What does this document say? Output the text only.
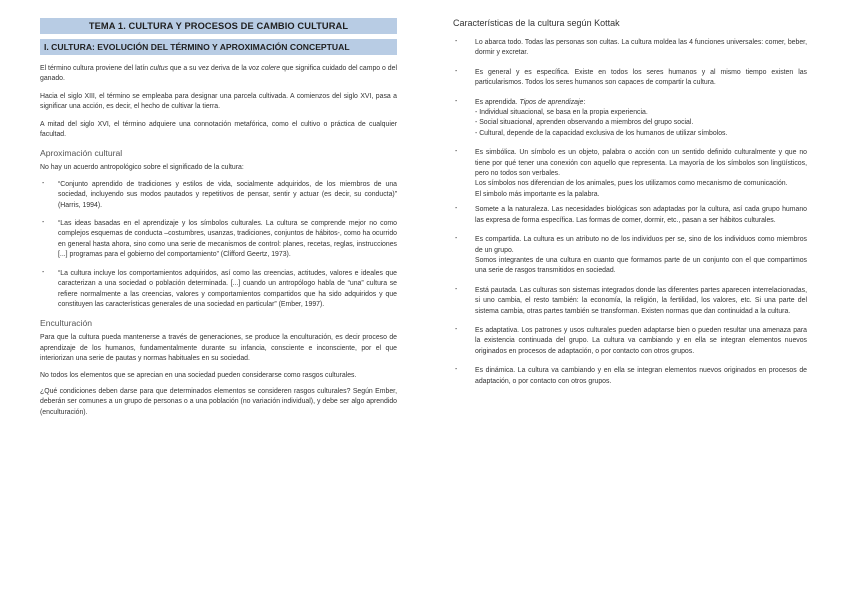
TEMA 1. CULTURA Y PROCESOS DE CAMBIO CULTURAL
I. CULTURA: EVOLUCIÓN DEL TÉRMINO Y APROXIMACIÓN CONCEPTUAL

El término cultura proviene del latín cultus que a su vez deriva de la voz colere que significa cuidado del campo o del ganado.

Hacia el siglo XIII, el término se empleaba para designar una parcela cultivada. A comienzos del siglo XVI, pasa a significar una acción, es decir, el hecho de cultivar la tierra.

A mitad del siglo XVI, el término adquiere una connotación metafórica, como el cultivo o práctica de cualquier facultad.

Aproximación cultural

No hay un acuerdo antropológico sobre el significado de la cultura:

- “Conjunto aprendido de tradiciones y estilos de vida, socialmente adquiridos, de los miembros de una sociedad, incluyendo sus modos pautados y repetitivos de pensar, sentir y actuar (es decir, su conducta)” (Harris, 1994).

- “Las ideas basadas en el aprendizaje y los símbolos culturales. La cultura se comprende mejor no como complejos esquemas de conducta –costumbres, usanzas, tradiciones, conjuntos de hábitos-, como ha ocurrido en general hasta ahora, sino como una serie de mecanismos de control: planes, recetas, reglas, instrucciones [...] programas para el gobierno del comportamiento” (Clifford Geertz, 1973).

- “La cultura incluye los comportamientos adquiridos, así como las creencias, actitudes, valores e ideales que caracterizan a una sociedad o población determinada. [...] cuando un antropólogo habla de “una” cultura se refiere normalmente a las creencias, valores y comportamientos compartidos que ha sido adquiridos y que constituyen las características generales de una sociedad en particular” (Ember, 1997).

Enculturación

Para que la cultura pueda mantenerse a través de generaciones, se produce la enculturación, es decir proceso de aprendizaje de los humanos, fundamentalmente durante su infancia, consciente e inconsciente, por el que interiorizan una serie de pautas y normas habituales en su sociedad.

No todos los elementos que se aprecian en una sociedad pueden considerarse como rasgos culturales.

¿Qué condiciones deben darse para que determinados elementos se consideren rasgos culturales? Según Ember, deberán ser comunes a un grupo de personas o a una población (no variación individual), y debe ser algo aprendido (enculturación).

Características de la cultura según Kottak

-	Lo abarca todo. Todas las personas son cultas. La cultura moldea las 4 funciones universales: comer, beber, dormir y excretar.

-	Es general y es específica. Existe en todos los seres humanos y al mismo tiempo existen las particularismos. Todos los seres humanos son capaces de compartir la cultura.

-	Es aprendida. Tipos de aprendizaje:

- Individual situacional, se basa en la propia experiencia.

- Social situacional, aprenden observando a miembros del grupo social.

- Cultural, depende de la capacidad exclusiva de los humanos de utilizar símbolos.

-	Es simbólica. Un símbolo es un objeto, palabra o acción con un sentido definido culturalmente y que no tiene por qué tener una conexión con aquello que representa. La mayoría de los símbolos son lingüísticos, pero no todos son verbales.

Los símbolos nos diferencian de los animales, pues los utilizamos como mecanismo de comunicación.

El simbolo más importante es la palabra.

-	Somete a la naturaleza. Las necesidades biológicas son adaptadas por la cultura, así cada grupo humano las expresa de forma específica. Las formas de comer, dormir, etc., pasan a ser hábitos culturales.

-	Es compartida. La cultura es un atributo no de los individuos per se, sino de los individuos como miembros de un grupo.

Somos integrantes de una cultura en cuanto que formamos parte de un conjunto con el que compartimos una serie de rasgos transmitidos en sociedad.

-	Está pautada. Las culturas son sistemas integrados donde las diferentes partes aparecen interrelacionadas, si uno cambia, el resto también: la economía, la religión, la fertilidad, los valores, etc. Si una parte del sistema cambia, otras partes también se transforman. Existen normas que dan continuidad a la cultura.

-	Es adaptativa. Los patrones y usos culturales pueden adaptarse bien o pueden resultar una amenaza para la existencia continuada del grupo. La cultura va cambiando y en ella se integran elementos nuevos originados en procesos de adaptación, o por contacto con otros grupos.

-	Es dinámica. La cultura va cambiando y en ella se integran elementos nuevos originados en procesos de adaptación, o por contacto con otros grupos.
